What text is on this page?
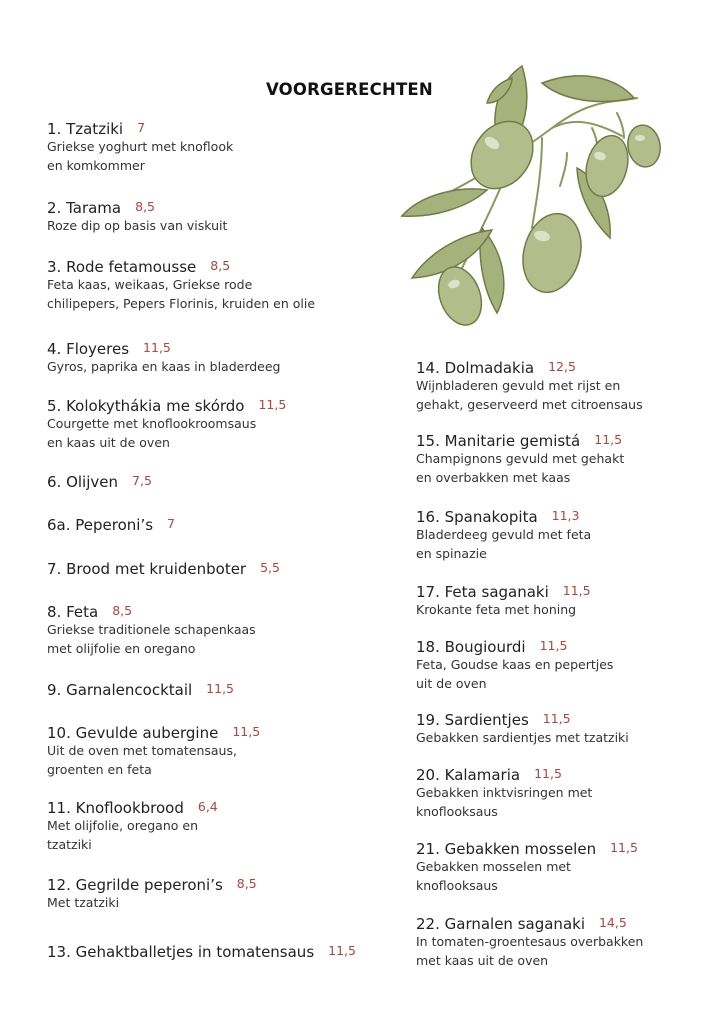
VOORGERECHTEN
1. Tzatziki 7
Griekse yoghurt met knoflook
en komkommer
2. Tarama 8,5
Roze dip op basis van viskuit
3. Rode fetamousse 8,5
Feta kaas, weikaas, Griekse rode
chilipepers, Pepers Florinis, kruiden en olie
4. Floyeres 11,5
Gyros, paprika en kaas in bladerdeeg
5. Kolokythákia me skórdo 11,5
Courgette met knoflookroomsaus
en kaas uit de oven
6. Olijven 7,5
6a. Peperoni’s 7
7. Brood met kruidenboter 5,5
8. Feta 8,5
Griekse traditionele schapenkaas
met olijfolie en oregano
9. Garnalencocktail 11,5
10. Gevulde aubergine 11,5
Uit de oven met tomatensaus,
groenten en feta
11. Knoflookbrood 6,4
Met olijfolie, oregano en
tzatziki
12. Gegrilde peperoni’s 8,5
Met tzatziki
13. Gehaktballetjes in tomatensaus 11,5
14. Dolmadakia 12,5
Wijnbladeren gevuld met rijst en
gehakt, geserveerd met citroensaus
15. Manitarie gemistá 11,5
Champignons gevuld met gehakt
en overbakken met kaas
16. Spanakopita 11,3
Bladerdeeg gevuld met feta
en spinazie
17. Feta saganaki 11,5
Krokante feta met honing
18. Bougiourdi 11,5
Feta, Goudse kaas en pepertjes
uit de oven
19. Sardientjes 11,5
Gebakken sardientjes met tzatziki
20. Kalamaria 11,5
Gebakken inktvisringen met
knoflooksaus
21. Gebakken mosselen 11,5
Gebakken mosselen met
knoflooksaus
22. Garnalen saganaki 14,5
In tomaten-groentesaus overbakken
met kaas uit de oven
